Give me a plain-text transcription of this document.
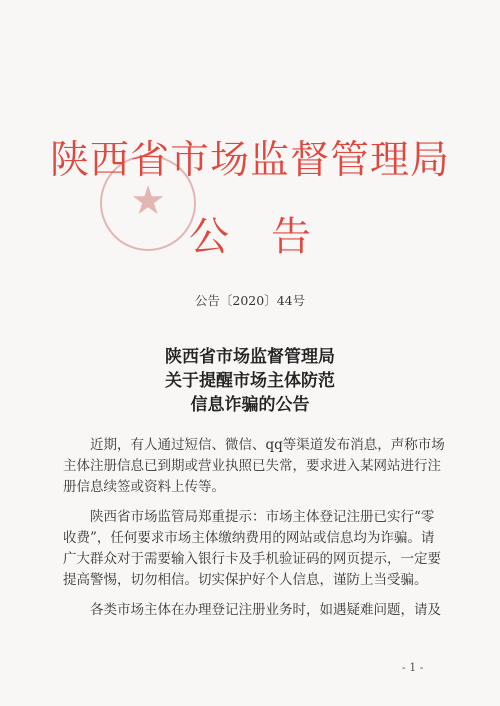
★
陕西省市场监督管理局
公告
公告〔2020〕44号
陕西省市场监督管理局
关于提醒市场主体防范
信息诈骗的公告

近期，有人通过短信、微信、qq等渠道发布消息，声称市场
主体注册信息已到期或营业执照已失常，要求进入某网站进行注
册信息续签或资料上传等。

陕西省市场监管局郑重提示：市场主体登记注册已实行“零
收费”，任何要求市场主体缴纳费用的网站或信息均为诈骗。请
广大群众对于需要输入银行卡及手机验证码的网页提示，一定要
提高警惕，切勿相信。切实保护好个人信息，谨防上当受骗。

各类市场主体在办理登记注册业务时，如遇疑难问题，请及

- 1 -
